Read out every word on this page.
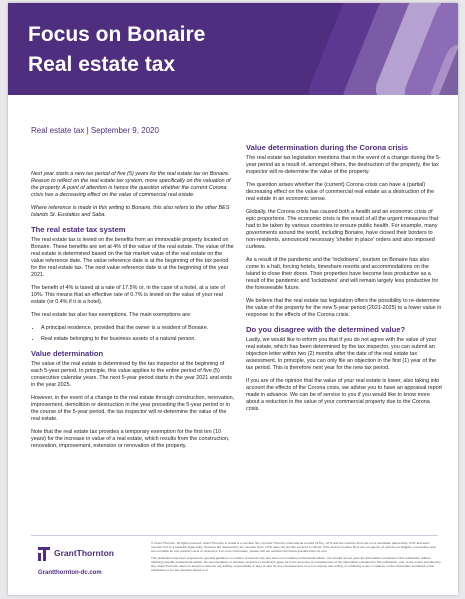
Focus on Bonaire
Real estate tax
Real estate tax | September 9, 2020

Next year starts a new tax period of five (5) years for the real estate tax on Bonaire. Reason to reflect on the real estate tax system, more specifically on the valuation of the property. A point of attention is hence the question whether the current Corona crisis has a decreasing effect on the value of commercial real estate.

Where reference is made in this writing to Bonaire, this also refers to the other BES Islands St. Eustatius and Saba.

The real estate tax system

The real estate tax is levied on the benefits from an immovable property located on Bonaire. These benefits are set at 4% of the value of the real estate. The value of the real estate is determined based on the fair market value of the real estate on the value reference date. The value reference date is at the beginning of the tax period for the real estate tax. The next value reference date is at the beginning of the year 2021.

The benefit of 4% is taxed at a rate of 17.5% or, in the case of a hotel, at a rate of 10%. This means that an effective rate of 0.7% is levied on the value of your real estate (or 0.4% if it is a hotel).

The real estate tax also has exemptions. The main exemptions are:

• A principal residence, provided that the owner is a resident of Bonaire.
• Real estate belonging to the business assets of a natural person.
Value determination

The value of the real estate is determined by the tax inspector at the beginning of each 5-year period. In principle, this value applies to the entire period of five (5) consecutive calendar years. The next 5-year period starts in the year 2021 and ends in the year 2025.

However, in the event of a change to the real estate through construction, renovation, improvement, demolition or destruction in the year preceding the 5-year period or in the course of the 5-year period, the tax inspector will re-determine the value of the real estate.

Note that the real estate tax provides a temporary exemption for the first ten (10 years) for the increase in value of a real estate, which results from the construction, renovation, improvement, extension or renovation of the property.

Value determination during the Corona crisis

The real estate tax legislation mentions that in the event of a change during the 5-year period as a result of, amongst others, the destruction of the property, the tax inspector will re-determine the value of the property.

The question arises whether the (current) Corona crisis can have a (partial) decreasing effect on the value of commercial real estate as a destruction of the real estate in an economic sense.

Globally, the Corona crisis has caused both a health and an economic crisis of epic proportions. The economic crisis is the result of all the urgent measures that had to be taken by various countries to ensure public health. For example, many governments around the world, including Bonaire, have closed their borders to non-residents, announced necessary 'shelter in place' orders and also imposed curfews.

As a result of the pandemic and the 'lockdowns', tourism on Bonaire has also come to a halt, forcing hotels, timeshare resorts and accommodations on the island to close their doors. Their properties have become less productive as a result of the pandemic and 'lockdowns' and will remain largely less productive for the foreseeable future.

We believe that the real estate tax legislation offers the possibility to re-determine the value of the property for the new 5-year period (2021-2025) to a lower value in response to the effects of the Corona crisis.

Do you disagree with the determined value?

Lastly, we would like to inform you that if you do not agree with the value of your real estate, which has been determined by the tax inspector, you can submit an objection letter within two (2) months after the date of the real estate tax assessment. In principle, you can only file an objection in the first (1) year of the tax period. This is therefore next year for the new tax period.

If you are of the opinion that the value of your real estate is lower, also taking into account the effects of the Corona crisis, we advise you to have an appraisal report made in advance. We can be of service to you if you would like to know more about a reduction in the value of your commercial property due to the Corona crisis.

GrantThornton
Grantthornton-dc.com

© Grant Thornton. All rights reserved. Grant Thornton in Aruba is a member firm of Grant Thornton International Limited (GTIL). GTIL and the member firms are not a worldwide partnership. GTIL and each member firm is a separate legal entity. Services are delivered by the member firms. GTIL does not provide services to clients. GTIL and its member firms are not agents of, and do not obligate, one another and are not liable for one another's acts or omissions. For more information, please visit our website http://www.grantthornton-dc.com

This publication has been prepared for general guidance on matters of interest only and does not constitute professional advice. You should not act upon the information contained in this publication without obtaining specific professional advice. No representation or warranty (express or implied) is given as to the accuracy or completeness of the information contained in this publication, and, to the extent permitted by law, Grant Thornton does not accept or assume any liability, responsibility or duty of care for any consequences of you or anyone else acting, or refraining to act, in reliance on the information contained in this publication or for any decision based on it.
